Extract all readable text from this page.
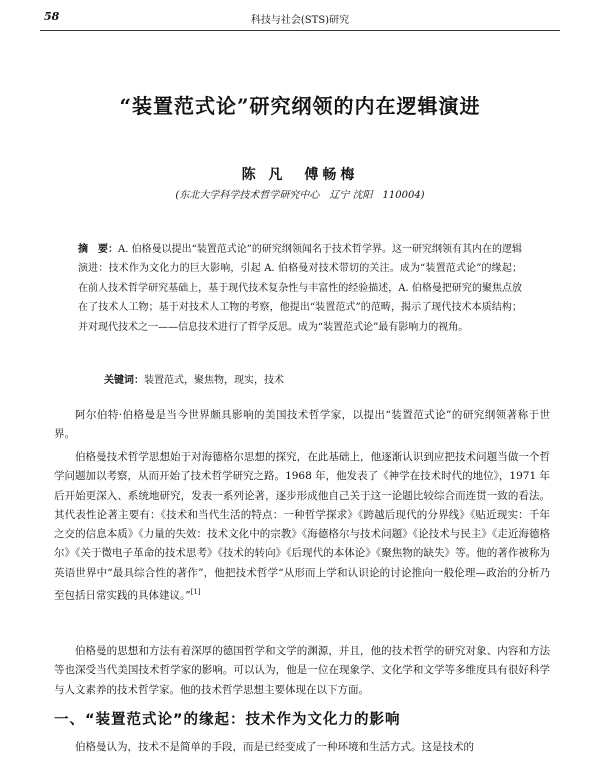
58	科技与社会(STS)研究
“装置范式论”研究纲领的内在逻辑演进
陈 凡　傅畅梅
(东北大学科学技术哲学研究中心　辽宁 沈阳　110004)
摘　要：A. 伯格曼以提出“装置范式论”的研究纲领闻名于技术哲学界。这一研究纲领有其内在的逻辑演进：技术作为文化力的巨大影响，引起 A. 伯格曼对技术带切的关注。成为“装置范式论”的缘起；在前人技术哲学研究基础上，基于现代技术复杂性与丰富性的经验描述，A. 伯格曼把研究的聚焦点放在了技术人工物；基于对技术人工物的考察，他提出“装置范式”的范畴，揭示了现代技术本质结构；并对现代技术之一——信息技术进行了哲学反思。成为“装置范式论”最有影响力的视角。
关键词：装置范式，聚焦物，现实，技术

阿尔伯特·伯格曼是当今世界颇具影响的美国技术哲学家，以提出“装置范式论”的研究纲领著称于世界。

伯格曼技术哲学思想始于对海德格尔思想的探究，在此基础上，他逐渐认识到应把技术问题当做一个哲学问题加以考察，从而开始了技术哲学研究之路。1968 年，他发表了《神学在技术时代的地位》，1971 年后开始更深入、系统地研究，发表一系列论著，逐步形成他自己关于这一论题比较综合而连贯一致的看法。其代表性论著主要有：《技术和当代生活的特点：一种哲学探求》《跨越后现代的分界线》《贴近现实：千年之交的信息本质》《力量的失效：技术文化中的宗教》《海德格尔与技术问题》《论技术与民主》《走近海德格尔》《关于微电子革命的技术思考》《技术的转向》《后现代的本体论》《聚焦物的缺失》等。他的著作被称为英语世界中“最具综合性的著作”，他把技术哲学“从形而上学和认识论的讨论推向一般伦理—政治的分析乃至包括日常实践的具体建议。”[1]

伯格曼的思想和方法有着深厚的德国哲学和文学的渊源，并且，他的技术哲学的研究对象、内容和方法等也深受当代美国技术哲学家的影响。可以认为，他是一位在现象学、文化学和文学等多维度具有很好科学与人文素养的技术哲学家。他的技术哲学思想主要体现在以下方面。

一、“装置范式论”的缘起：技术作为文化力的影响

伯格曼认为，技术不是简单的手段，而是已经变成了一种环境和生活方式。这是技术的
